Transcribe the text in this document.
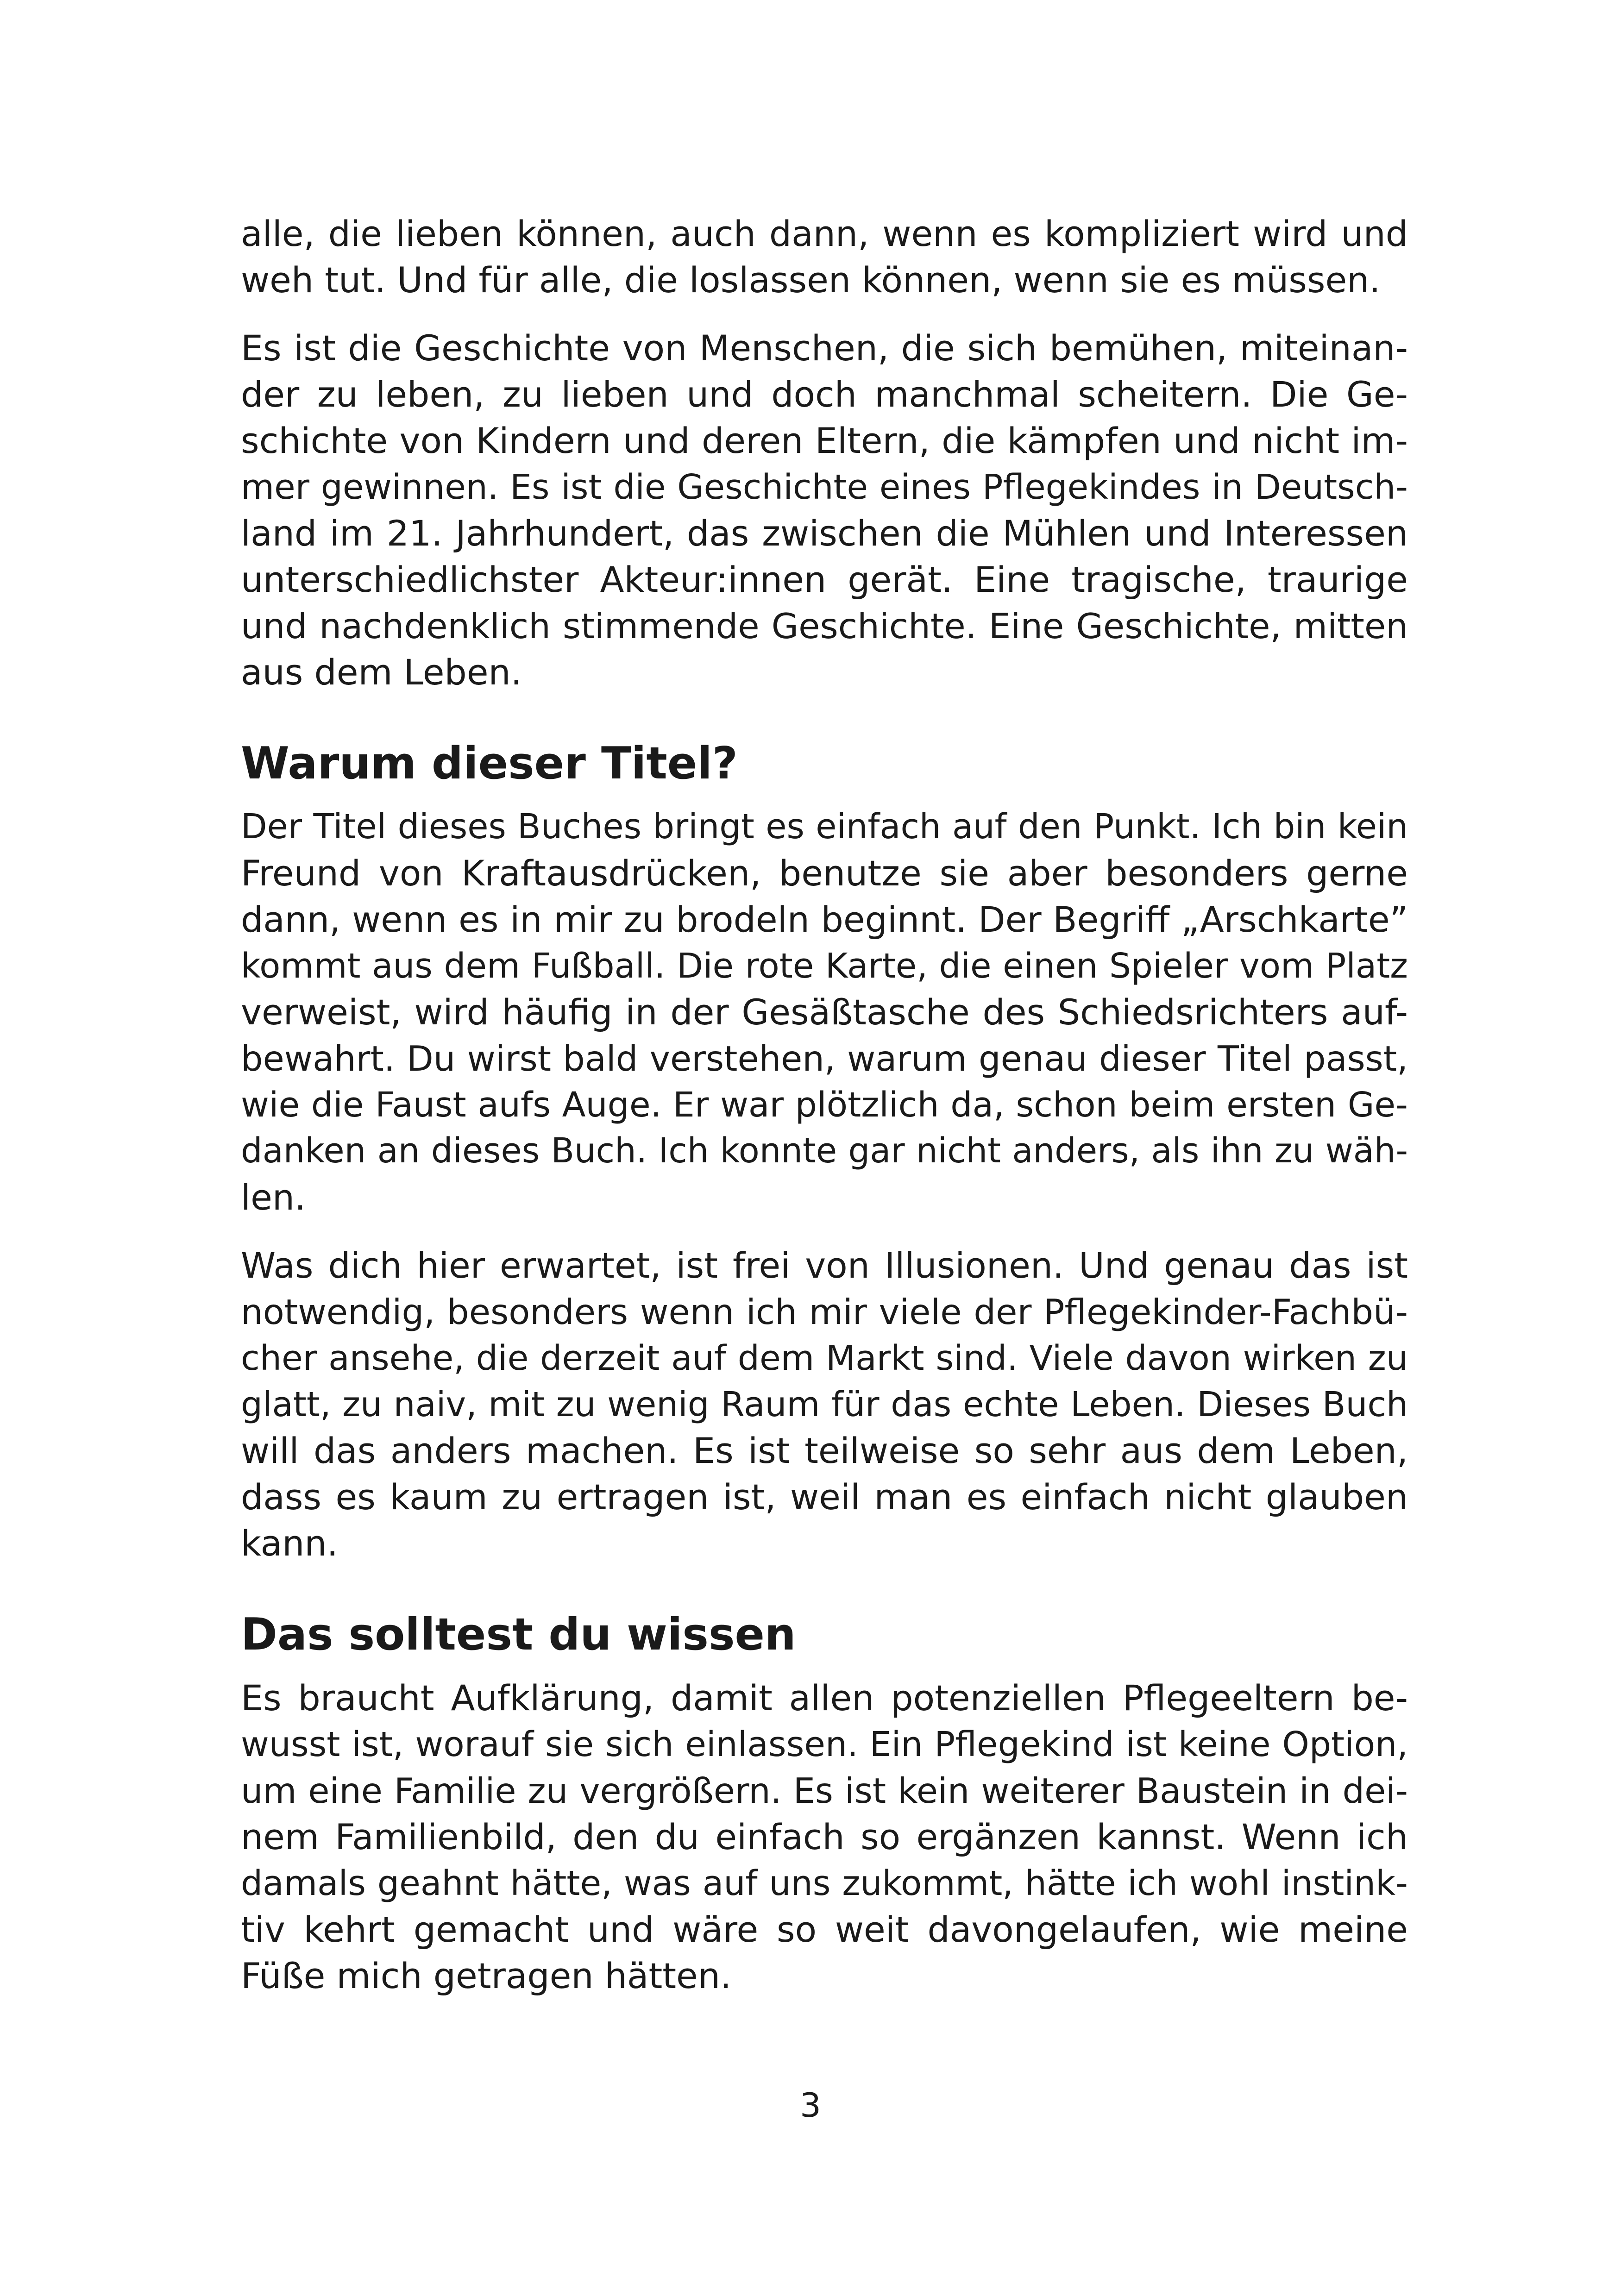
alle, die lieben können, auch dann, wenn es kompliziert wird und
weh tut. Und für alle, die loslassen können, wenn sie es müssen.

Es ist die Geschichte von Menschen, die sich bemühen, miteinan-
der zu leben, zu lieben und doch manchmal scheitern. Die Ge-
schichte von Kindern und deren Eltern, die kämpfen und nicht im-
mer gewinnen. Es ist die Geschichte eines Pflegekindes in Deutsch-
land im 21. Jahrhundert, das zwischen die Mühlen und Interessen
unterschiedlichster Akteur:innen gerät. Eine tragische, traurige
und nachdenklich stimmende Geschichte. Eine Geschichte, mitten
aus dem Leben.

Warum dieser Titel?

Der Titel dieses Buches bringt es einfach auf den Punkt. Ich bin kein
Freund von Kraftausdrücken, benutze sie aber besonders gerne
dann, wenn es in mir zu brodeln beginnt. Der Begriff „Arschkarte”
kommt aus dem Fußball. Die rote Karte, die einen Spieler vom Platz
verweist, wird häufig in der Gesäßtasche des Schiedsrichters auf-
bewahrt. Du wirst bald verstehen, warum genau dieser Titel passt,
wie die Faust aufs Auge. Er war plötzlich da, schon beim ersten Ge-
danken an dieses Buch. Ich konnte gar nicht anders, als ihn zu wäh-
len.

Was dich hier erwartet, ist frei von Illusionen. Und genau das ist
notwendig, besonders wenn ich mir viele der Pflegekinder-Fachbü-
cher ansehe, die derzeit auf dem Markt sind. Viele davon wirken zu
glatt, zu naiv, mit zu wenig Raum für das echte Leben. Dieses Buch
will das anders machen. Es ist teilweise so sehr aus dem Leben,
dass es kaum zu ertragen ist, weil man es einfach nicht glauben
kann.

Das solltest du wissen

Es braucht Aufklärung, damit allen potenziellen Pflegeeltern be-
wusst ist, worauf sie sich einlassen. Ein Pflegekind ist keine Option,
um eine Familie zu vergrößern. Es ist kein weiterer Baustein in dei-
nem Familienbild, den du einfach so ergänzen kannst. Wenn ich
damals geahnt hätte, was auf uns zukommt, hätte ich wohl instink-
tiv kehrt gemacht und wäre so weit davongelaufen, wie meine
Füße mich getragen hätten.

3
